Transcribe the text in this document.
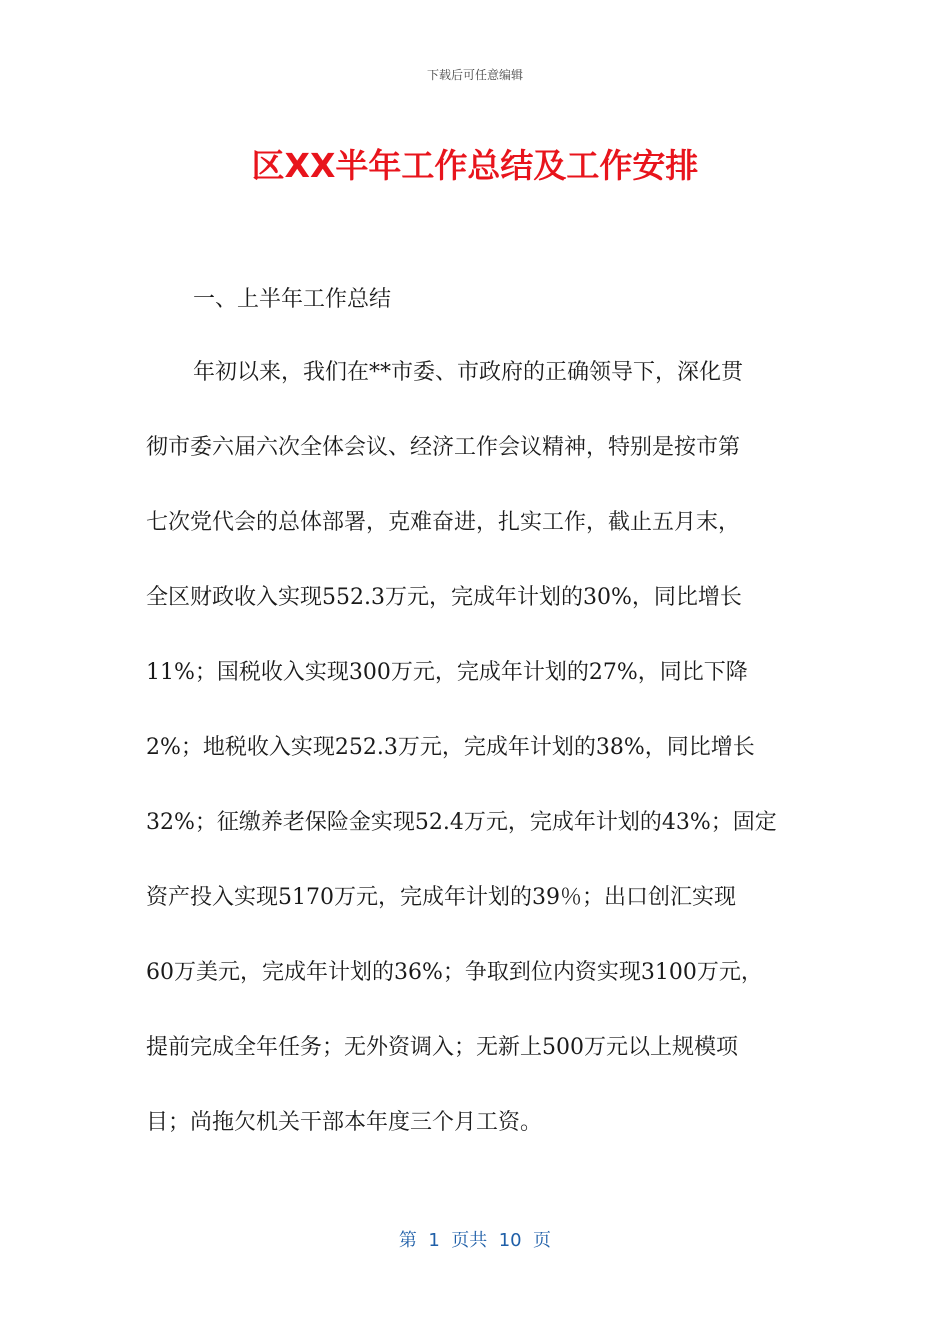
下载后可任意编辑
区XX半年工作总结及工作安排
一、上半年工作总结
年初以来，我们在**市委、市政府的正确领导下，深化贯
彻市委六届六次全体会议、经济工作会议精神，特别是按市第
七次党代会的总体部署，克难奋进，扎实工作，截止五月末，
全区财政收入实现552.3万元，完成年计划的30%，同比增长
11%；国税收入实现300万元，完成年计划的27%，同比下降
2%；地税收入实现252.3万元，完成年计划的38%，同比增长
32%；征缴养老保险金实现52.4万元，完成年计划的43%；固定
资产投入实现5170万元，完成年计划的39％；出口创汇实现
60万美元，完成年计划的36%；争取到位内资实现3100万元，
提前完成全年任务；无外资调入；无新上500万元以上规模项
目；尚拖欠机关干部本年度三个月工资。
第  1  页共  10  页
